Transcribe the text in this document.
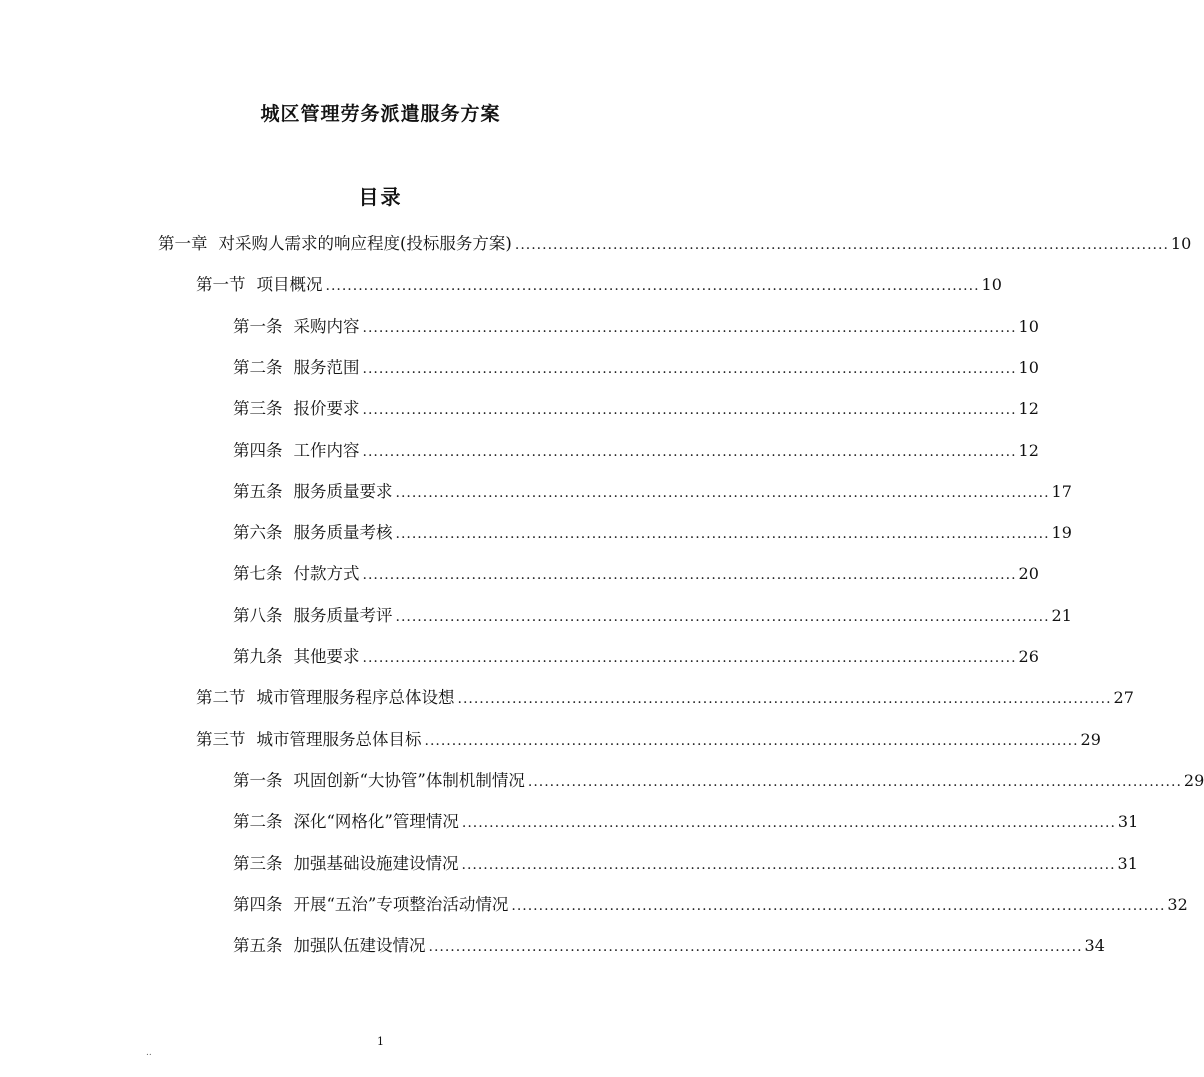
城区管理劳务派遣服务方案
目录
第一章 对采购人需求的响应程度(投标服务方案) ........................................................................................................................ 10
第一节 项目概况 ........................................................................................................................ 10
第一条 采购内容 ........................................................................................................................ 10
第二条 服务范围 ........................................................................................................................ 10
第三条 报价要求 ........................................................................................................................ 12
第四条 工作内容 ........................................................................................................................ 12
第五条 服务质量要求 ........................................................................................................................ 17
第六条 服务质量考核 ........................................................................................................................ 19
第七条 付款方式 ........................................................................................................................ 20
第八条 服务质量考评 ........................................................................................................................ 21
第九条 其他要求 ........................................................................................................................ 26
第二节 城市管理服务程序总体设想 ........................................................................................................................ 27
第三节 城市管理服务总体目标 ........................................................................................................................ 29
第一条 巩固创新“大协管”体制机制情况 ........................................................................................................................ 29
第二条 深化“网格化”管理情况 ........................................................................................................................ 31
第三条 加强基础设施建设情况 ........................................................................................................................ 31
第四条 开展“五治”专项整治活动情况 ........................................................................................................................ 32
第五条 加强队伍建设情况 ........................................................................................................................ 34
1
..
